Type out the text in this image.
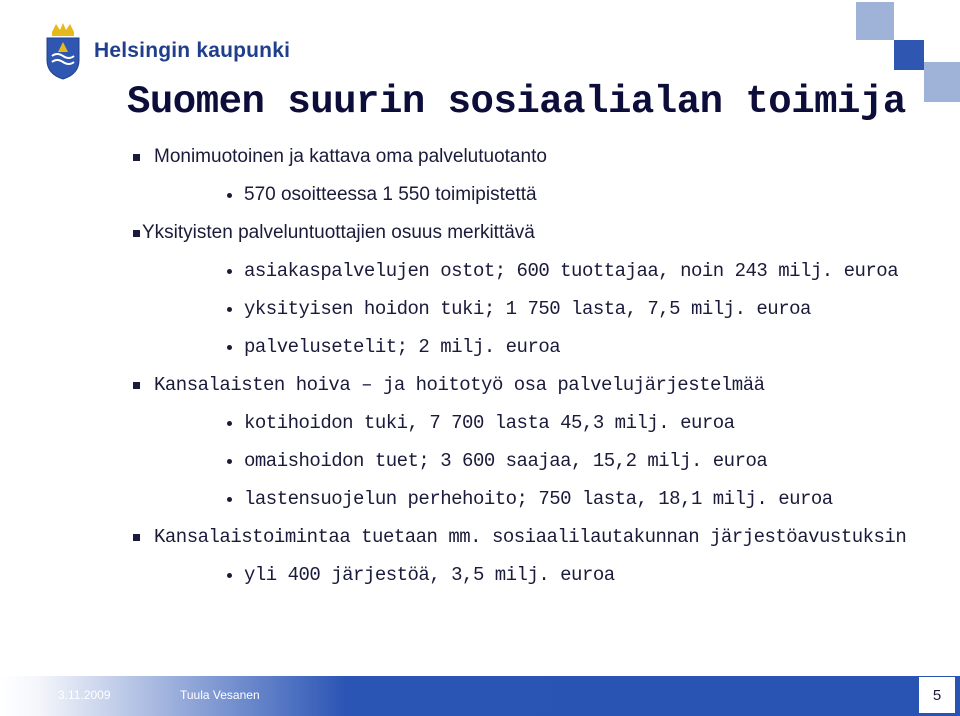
Helsingin kaupunki
Suomen suurin sosiaalialan toimija
Monimuotoinen ja kattava oma palvelutuotanto
570 osoitteessa 1 550 toimipistettä
Yksityisten palveluntuottajien osuus merkittävä
asiakaspalvelujen ostot; 600 tuottajaa, noin 243 milj. euroa
yksityisen hoidon tuki; 1 750 lasta, 7,5 milj. euroa
palvelusetelit; 2 milj. euroa
Kansalaisten hoiva – ja hoitotyö osa palvelujärjestelmää
kotihoidon tuki, 7 700 lasta 45,3 milj. euroa
omaishoidon tuet; 3 600 saajaa, 15,2 milj. euroa
lastensuojelun perhehoito; 750 lasta, 18,1 milj. euroa
Kansalaistoimintaa tuetaan mm. sosiaalilautakunnan järjestöavustuksin
yli 400 järjestöä, 3,5 milj. euroa
3.11.2009	Tuula Vesanen	5
